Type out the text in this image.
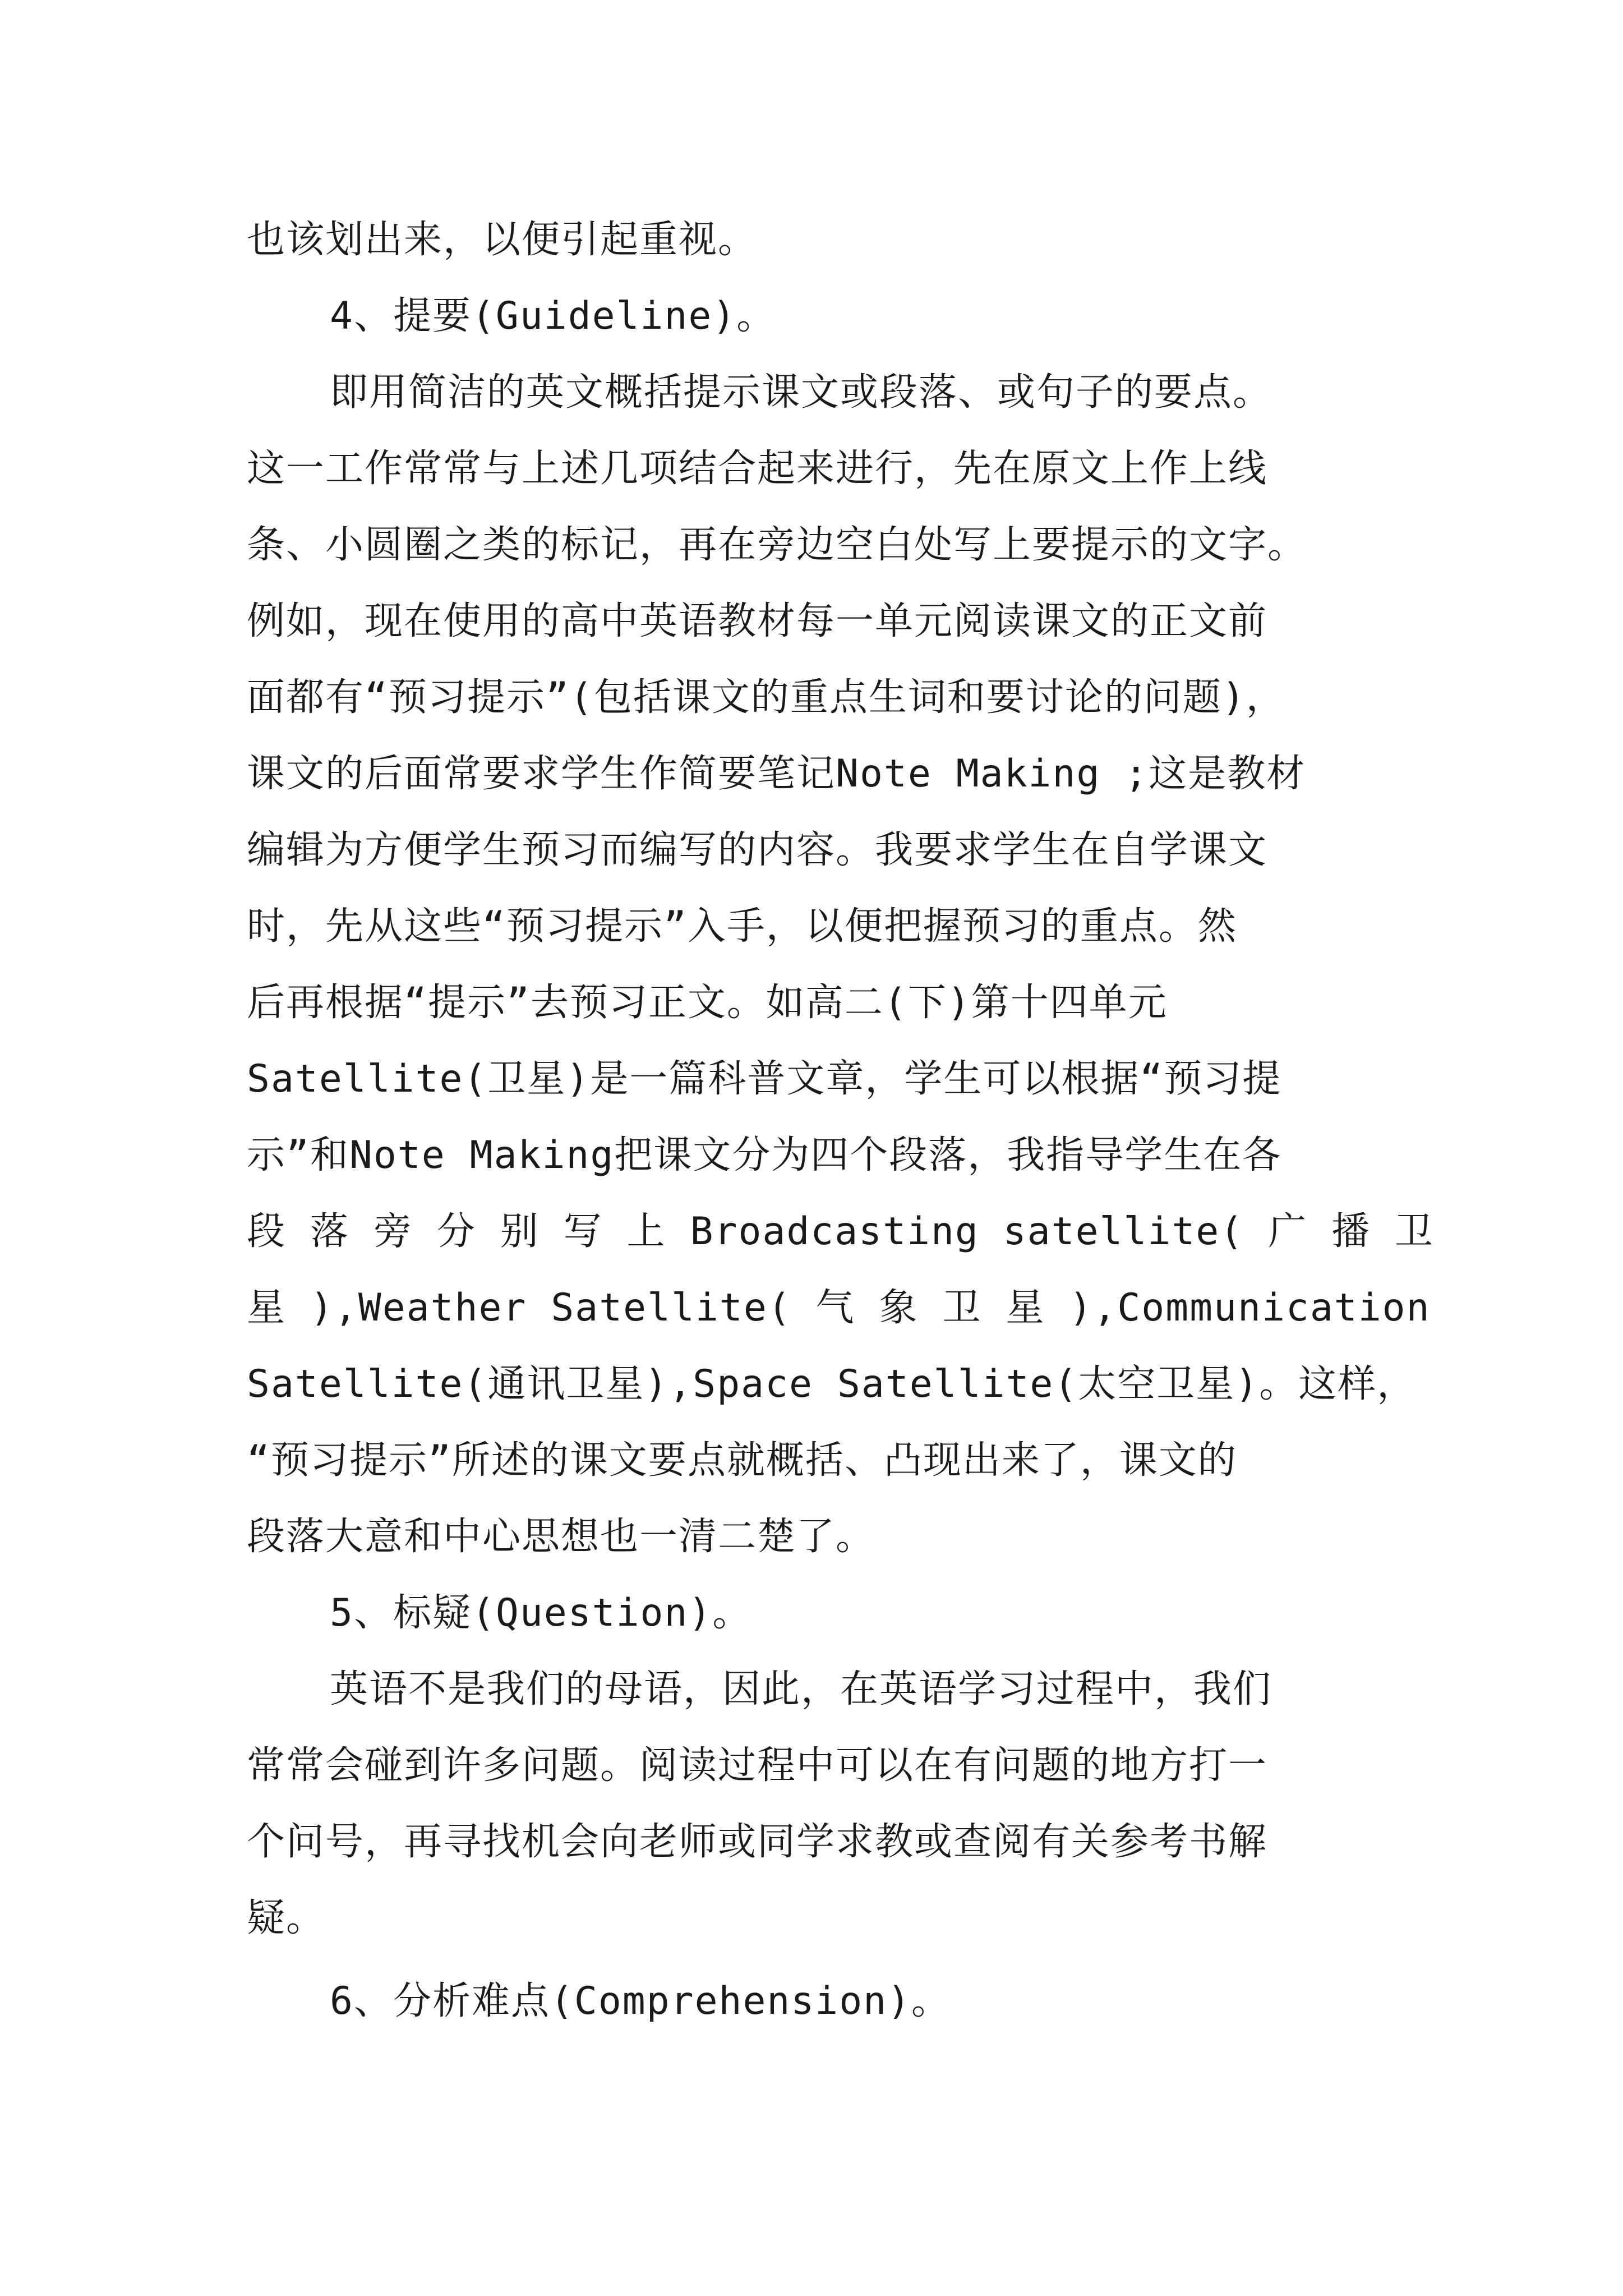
也该划出来，以便引起重视。
4、提要(Guideline)。
即用简洁的英文概括提示课文或段落、或句子的要点。
这一工作常常与上述几项结合起来进行，先在原文上作上线
条、小圆圈之类的标记，再在旁边空白处写上要提示的文字。
例如，现在使用的高中英语教材每一单元阅读课文的正文前
面都有“预习提示”(包括课文的重点生词和要讨论的问题)，
课文的后面常要求学生作简要笔记Note Making ;这是教材
编辑为方便学生预习而编写的内容。我要求学生在自学课文
时，先从这些“预习提示”入手，以便把握预习的重点。然
后再根据“提示”去预习正文。如高二(下)第十四单元
Satellite(卫星)是一篇科普文章，学生可以根据“预习提
示”和Note Making把课文分为四个段落，我指导学生在各
段 落 旁 分 别 写 上 Broadcasting satellite( 广 播 卫
星 ),Weather Satellite( 气 象 卫 星 ),Communication
Satellite(通讯卫星),Space Satellite(太空卫星)。这样，
“预习提示”所述的课文要点就概括、凸现出来了，课文的
段落大意和中心思想也一清二楚了。
5、标疑(Question)。
英语不是我们的母语，因此，在英语学习过程中，我们
常常会碰到许多问题。阅读过程中可以在有问题的地方打一
个问号，再寻找机会向老师或同学求教或查阅有关参考书解
疑。
6、分析难点(Comprehension)。
